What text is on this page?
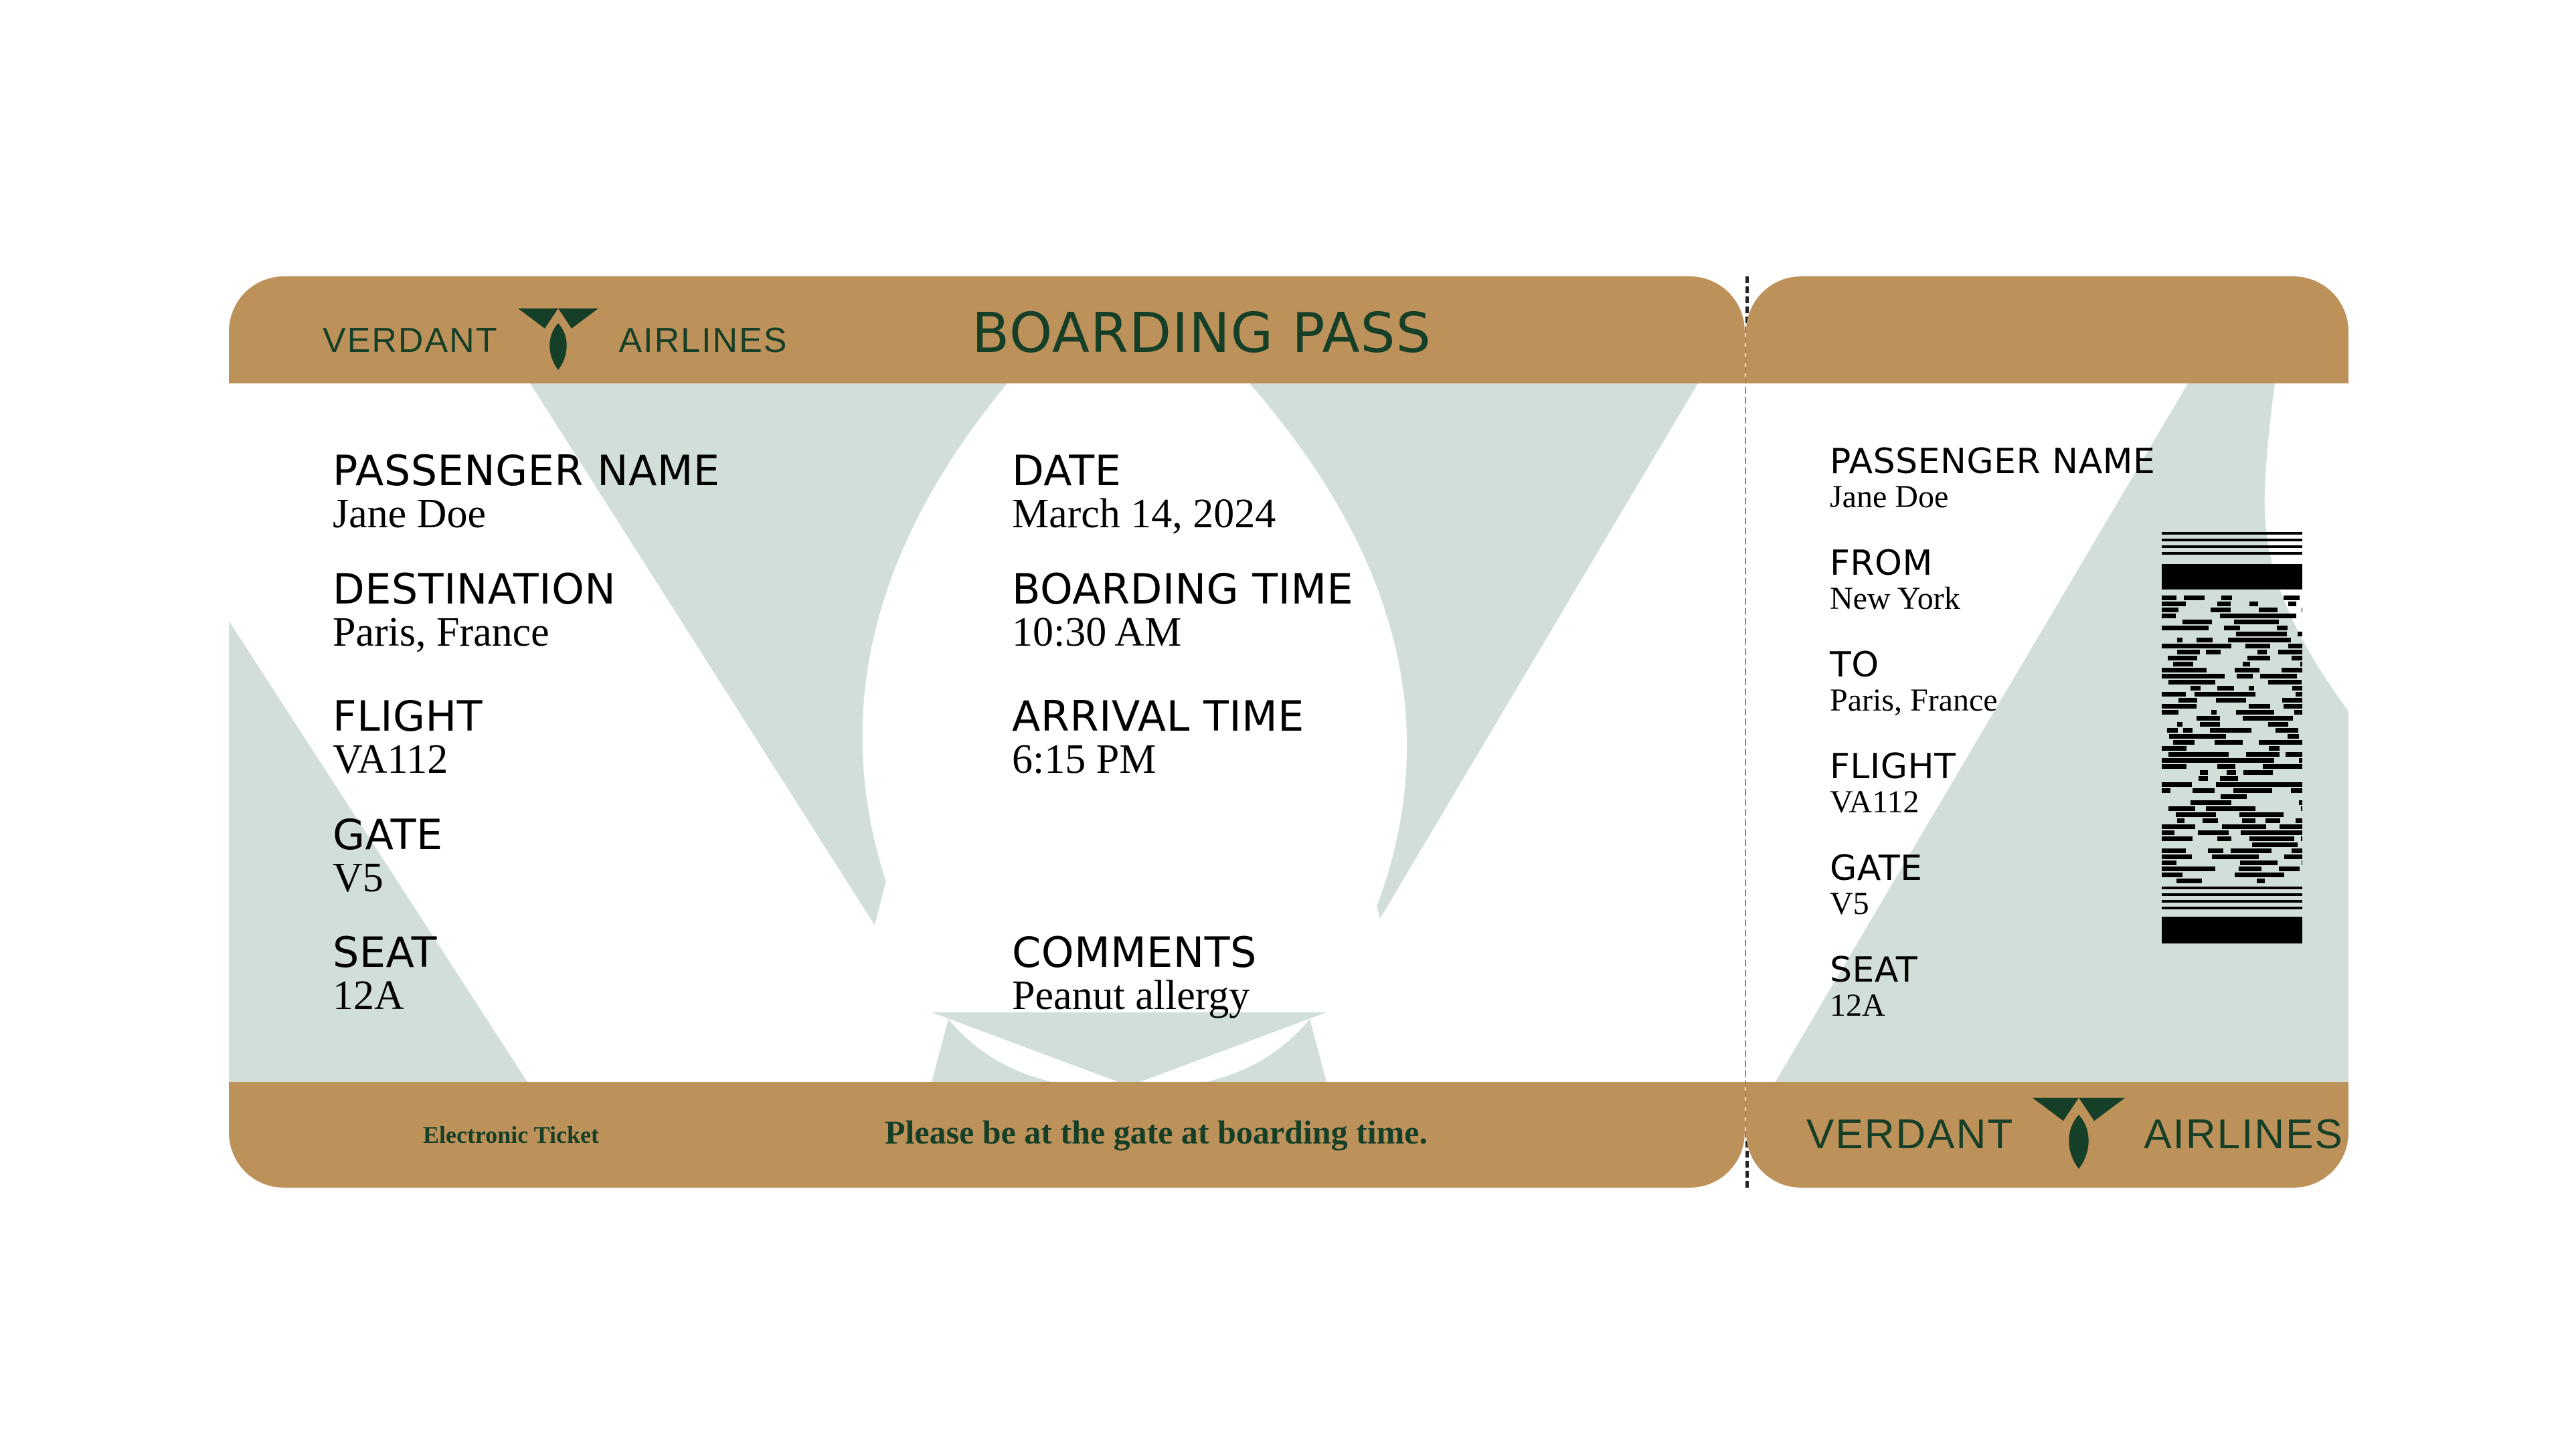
VERDANT	AIRLINES	BOARDING PASS
PASSENGER NAME
Jane Doe
DESTINATION
Paris, France
FLIGHT
VA112
GATE
V5
SEAT
12A
DATE
March 14, 2024
BOARDING TIME
10:30 AM
ARRIVAL TIME
6:15 PM
COMMENTS
Peanut allergy
Electronic Ticket	Please be at the gate at boarding time.
PASSENGER NAME
Jane Doe
FROM
New York
TO
Paris, France
FLIGHT
VA112
GATE
V5
SEAT
12A
VERDANT	AIRLINES
